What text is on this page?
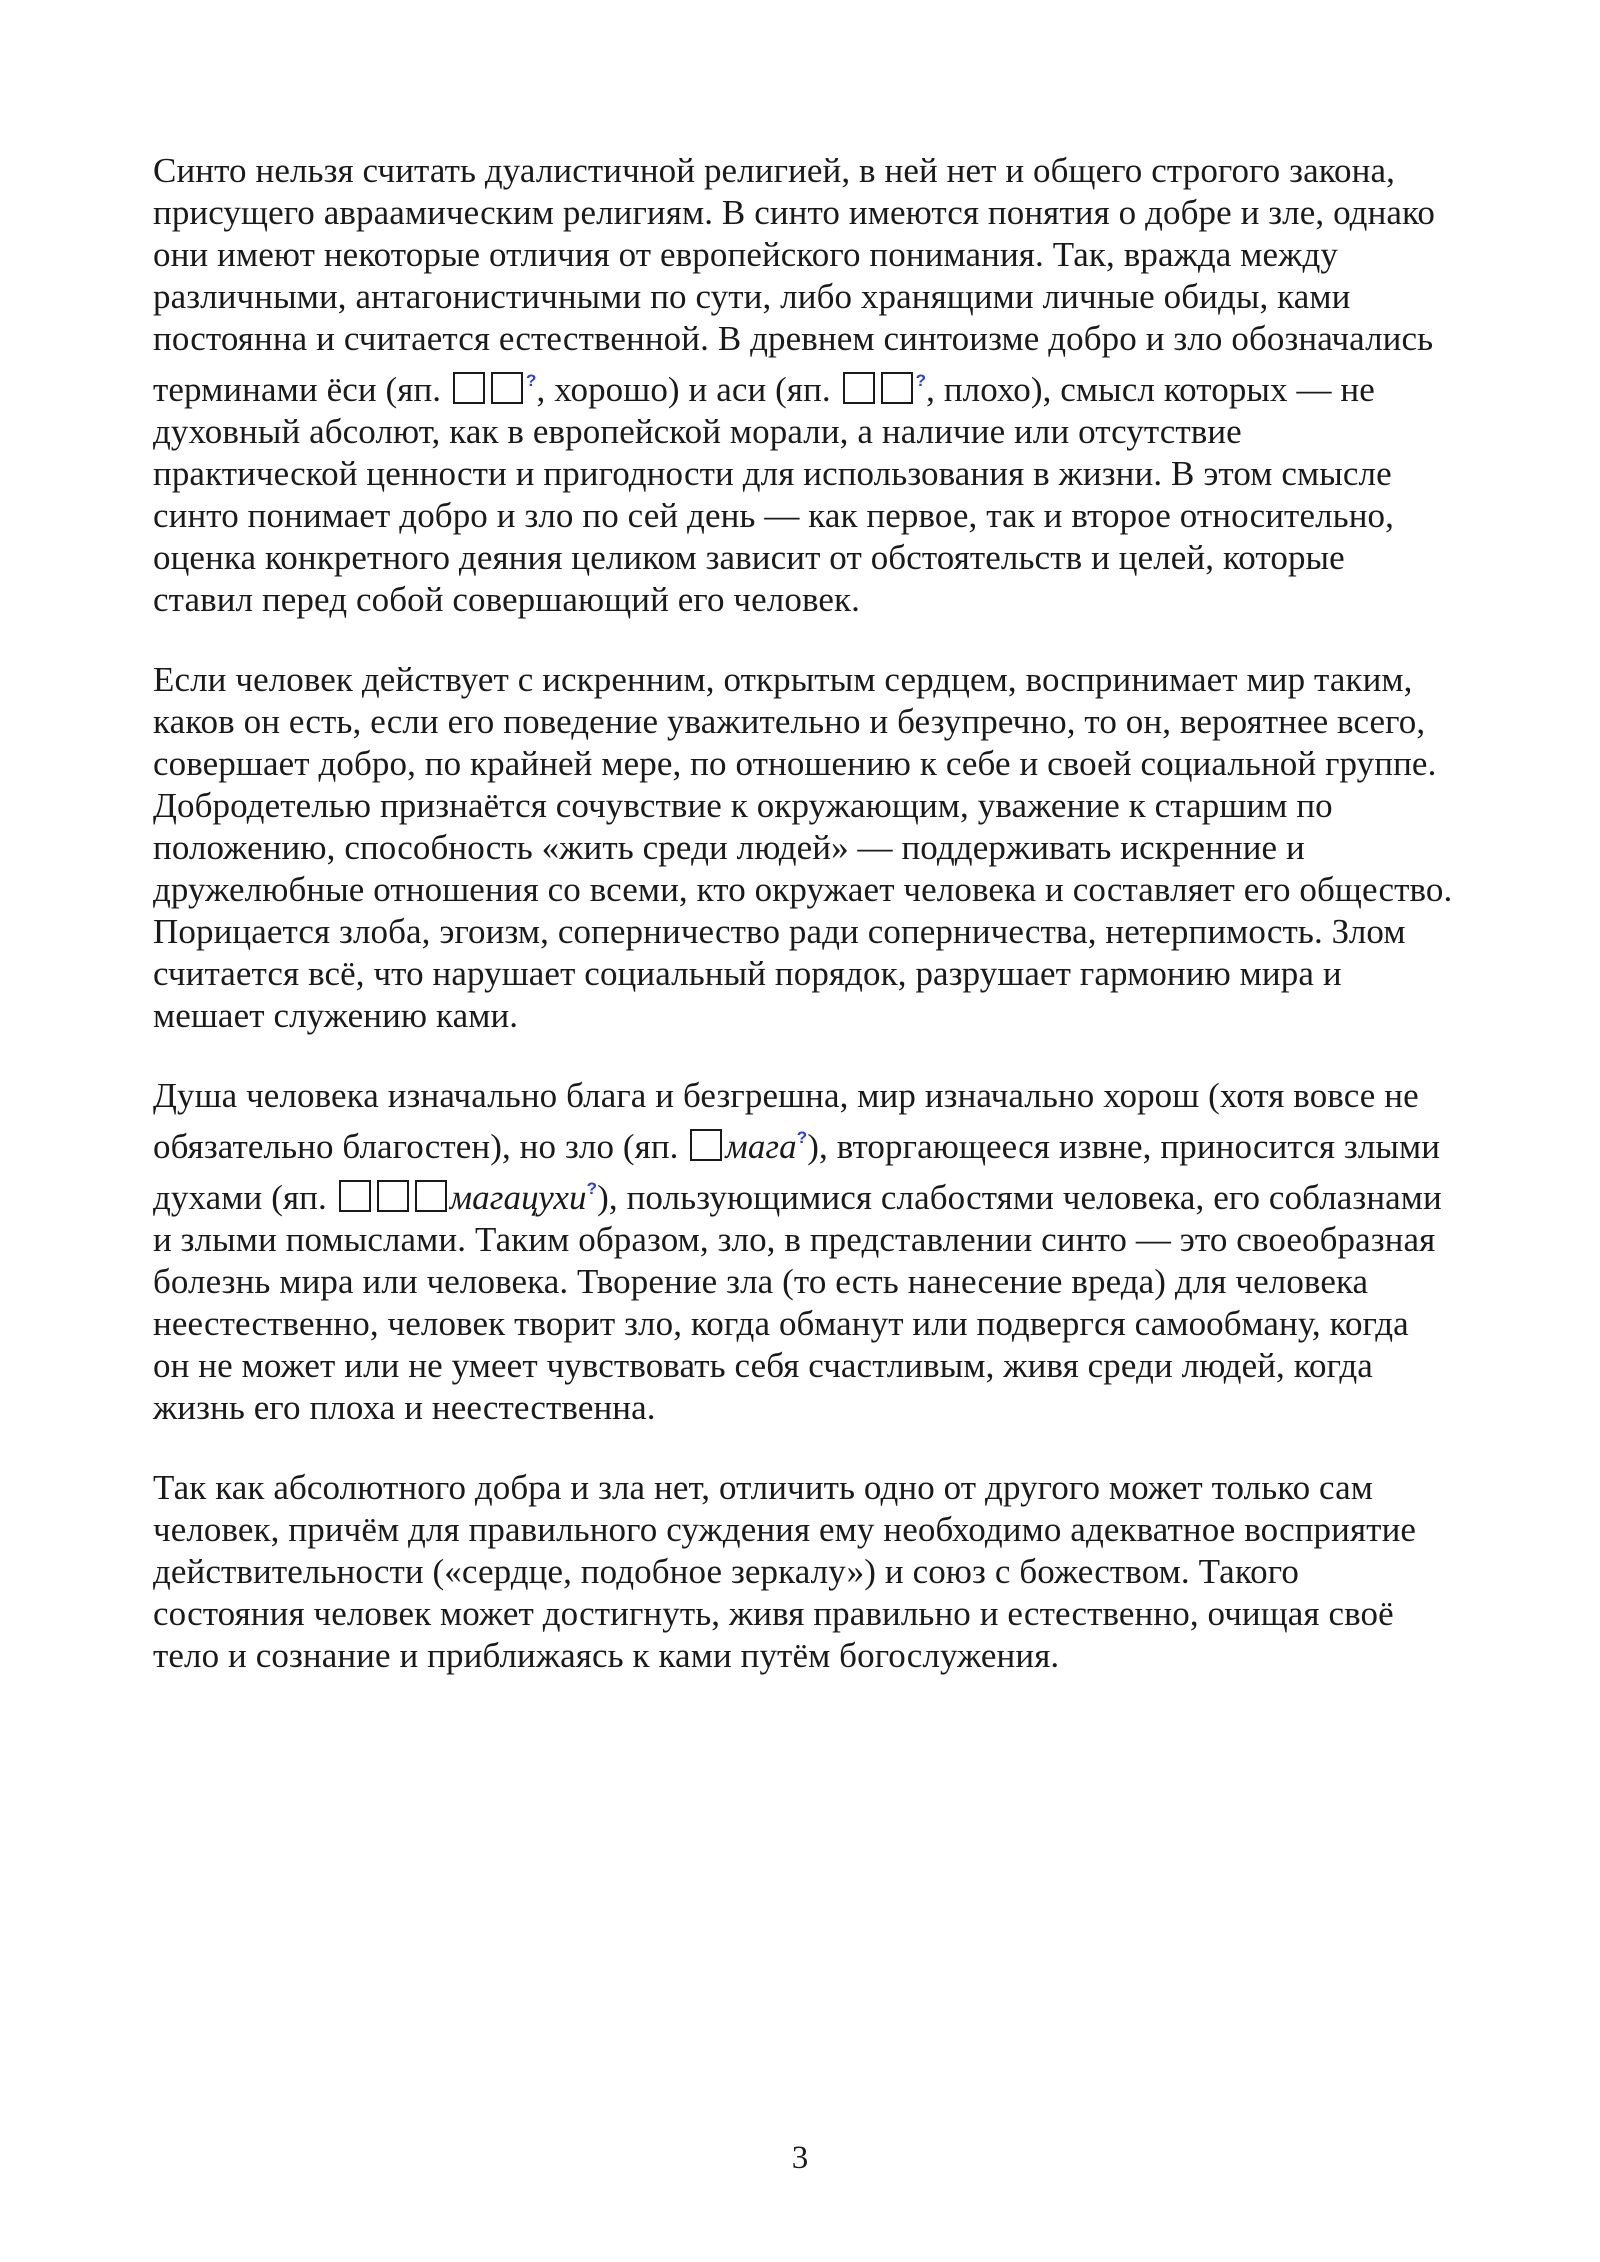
Синто нельзя считать дуалистичной религией, в ней нет и общего строгого закона, присущего авраамическим религиям. В синто имеются понятия о добре и зле, однако они имеют некоторые отличия от европейского понимания. Так, вражда между различными, антагонистичными по сути, либо хранящими личные обиды, ками постоянна и считается естественной. В древнем синтоизме добро и зло обозначались терминами ёси (яп.	?, хорошо) и аси (яп.	?, плохо), смысл которых — не духовный абсолют, как в европейской морали, а наличие или отсутствие практической ценности и пригодности для использования в жизни. В этом смысле синто понимает добро и зло по сей день — как первое, так и второе относительно, оценка конкретного деяния целиком зависит от обстоятельств и целей, которые ставил перед собой совершающий его человек.

Если человек действует с искренним, открытым сердцем, воспринимает мир таким, каков он есть, если его поведение уважительно и безупречно, то он, вероятнее всего, совершает добро, по крайней мере, по отношению к себе и своей социальной группе. Добродетелью признаётся сочувствие к окружающим, уважение к старшим по положению, способность «жить среди людей» — поддерживать искренние и дружелюбные отношения со всеми, кто окружает человека и составляет его общество. Порицается злоба, эгоизм, соперничество ради соперничества, нетерпимость. Злом считается всё, что нарушает социальный порядок, разрушает гармонию мира и мешает служению ками.

Душа человека изначально блага и безгрешна, мир изначально хорош (хотя вовсе не обязательно благостен), но зло (яп. мага?), вторгающееся извне, приносится злыми духами (яп.	магацухи?), пользующимися слабостями человека, его соблазнами и злыми помыслами. Таким образом, зло, в представлении синто — это своеобразная болезнь мира или человека. Творение зла (то есть нанесение вреда) для человека неестественно, человек творит зло, когда обманут или подвергся самообману, когда он не может или не умеет чувствовать себя счастливым, живя среди людей, когда жизнь его плоха и неестественна.

Так как абсолютного добра и зла нет, отличить одно от другого может только сам человек, причём для правильного суждения ему необходимо адекватное восприятие действительности («сердце, подобное зеркалу») и союз с божеством. Такого состояния человек может достигнуть, живя правильно и естественно, очищая своё тело и сознание и приближаясь к ками путём богослужения.

3
